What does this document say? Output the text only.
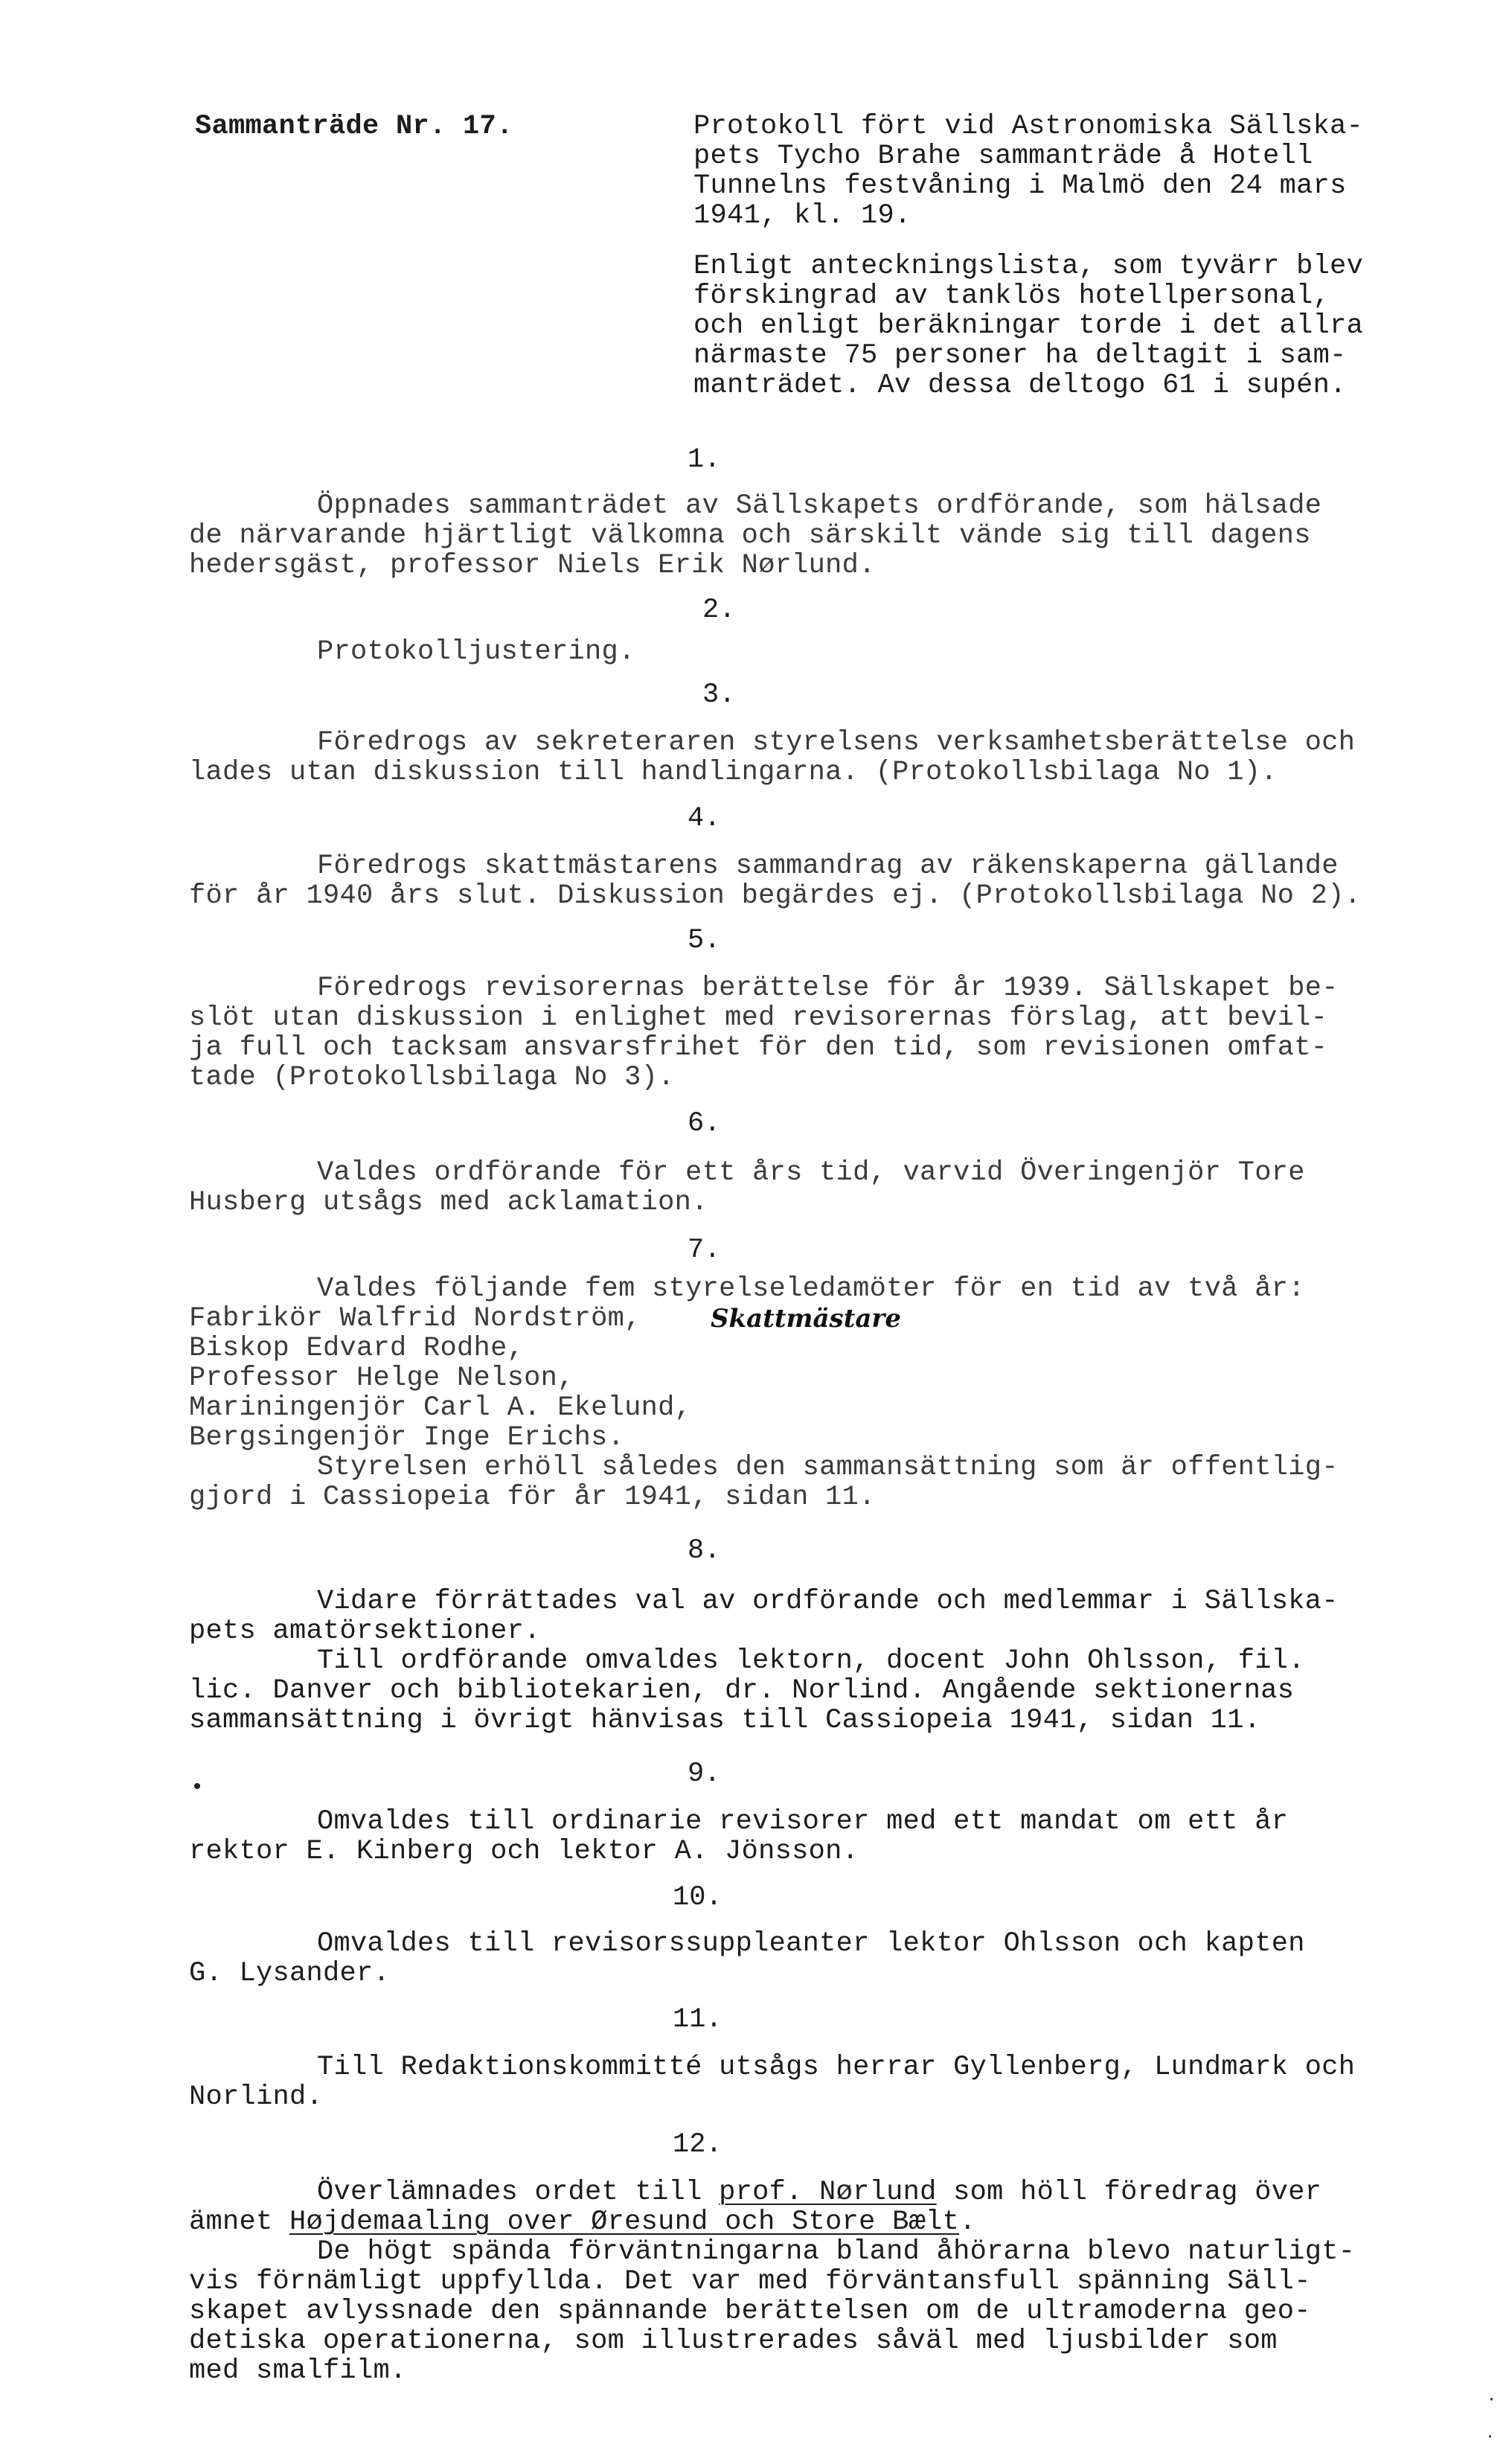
Sammanträde Nr. 17.	Protokoll fört vid Astronomiska Sällska-
pets Tycho Brahe sammanträde å Hotell
Tunnelns festvåning i Malmö den 24 mars
1941, kl. 19.
Enligt anteckningslista, som tyvärr blev
förskingrad av tanklös hotellpersonal,
och enligt beräkningar torde i det allra
närmaste 75 personer ha deltagit i sam-
manträdet. Av dessa deltogo 61 i supén.
1.
Öppnades sammanträdet av Sällskapets ordförande, som hälsade
de närvarande hjärtligt välkomna och särskilt vände sig till dagens
hedersgäst, professor Niels Erik Nørlund.
2.
Protokolljustering.
3.
Föredrogs av sekreteraren styrelsens verksamhetsberättelse och
lades utan diskussion till handlingarna. (Protokollsbilaga No 1).
4.
Föredrogs skattmästarens sammandrag av räkenskaperna gällande
för år 1940 års slut. Diskussion begärdes ej. (Protokollsbilaga No 2).
5.
Föredrogs revisorernas berättelse för år 1939. Sällskapet be-
slöt utan diskussion i enlighet med revisorernas förslag, att bevil-
ja full och tacksam ansvarsfrihet för den tid, som revisionen omfat-
tade (Protokollsbilaga No 3).
6.
Valdes ordförande för ett års tid, varvid Överingenjör Tore
Husberg utsågs med acklamation.
7.
Valdes följande fem styrelseledamöter för en tid av två år:
Fabrikör Walfrid Nordström,	Skattmästare
Biskop Edvard Rodhe,
Professor Helge Nelson,
Mariningenjör Carl A. Ekelund,
Bergsingenjör Inge Erichs.
Styrelsen erhöll således den sammansättning som är offentlig-
gjord i Cassiopeia för år 1941, sidan 11.
8.
Vidare förrättades val av ordförande och medlemmar i Sällska-
pets amatörsektioner.
Till ordförande omvaldes lektorn, docent John Ohlsson, fil.
lic. Danver och bibliotekarien, dr. Norlind. Angående sektionernas
sammansättning i övrigt hänvisas till Cassiopeia 1941, sidan 11.
•	9.
Omvaldes till ordinarie revisorer med ett mandat om ett år
rektor E. Kinberg och lektor A. Jönsson.
10.
Omvaldes till revisorssuppleanter lektor Ohlsson och kapten
G. Lysander.
11.
Till Redaktionskommitté utsågs herrar Gyllenberg, Lundmark och
Norlind.
12.
Överlämnades ordet till prof. Nørlund som höll föredrag över
ämnet Højdemaaling over Øresund och Store Bælt.
De högt spända förväntningarna bland åhörarna blevo naturligt-
vis förnämligt uppfyllda. Det var med förväntansfull spänning Säll-
skapet avlyssnade den spännande berättelsen om de ultramoderna geo-
detiska operationerna, som illustrerades såväl med ljusbilder som
med smalfilm.
·
·
